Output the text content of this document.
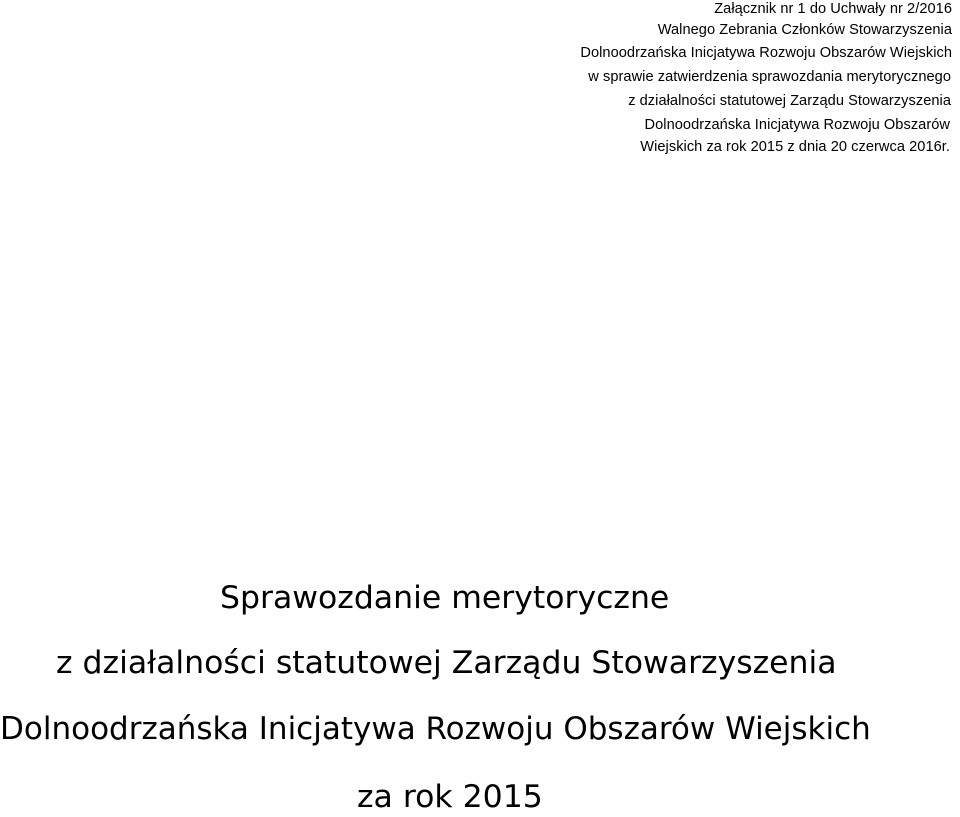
Załącznik nr 1 do Uchwały nr 2/2016
Walnego Zebrania Członków Stowarzyszenia
Dolnoodrzańska Inicjatywa Rozwoju Obszarów Wiejskich
w sprawie zatwierdzenia sprawozdania merytorycznego
z działalności statutowej Zarządu Stowarzyszenia
Dolnoodrzańska Inicjatywa Rozwoju Obszarów
Wiejskich za rok 2015 z dnia 20 czerwca 2016r.
Sprawozdanie merytoryczne
z działalności statutowej Zarządu Stowarzyszenia
Dolnoodrzańska Inicjatywa Rozwoju Obszarów Wiejskich
za rok 2015
